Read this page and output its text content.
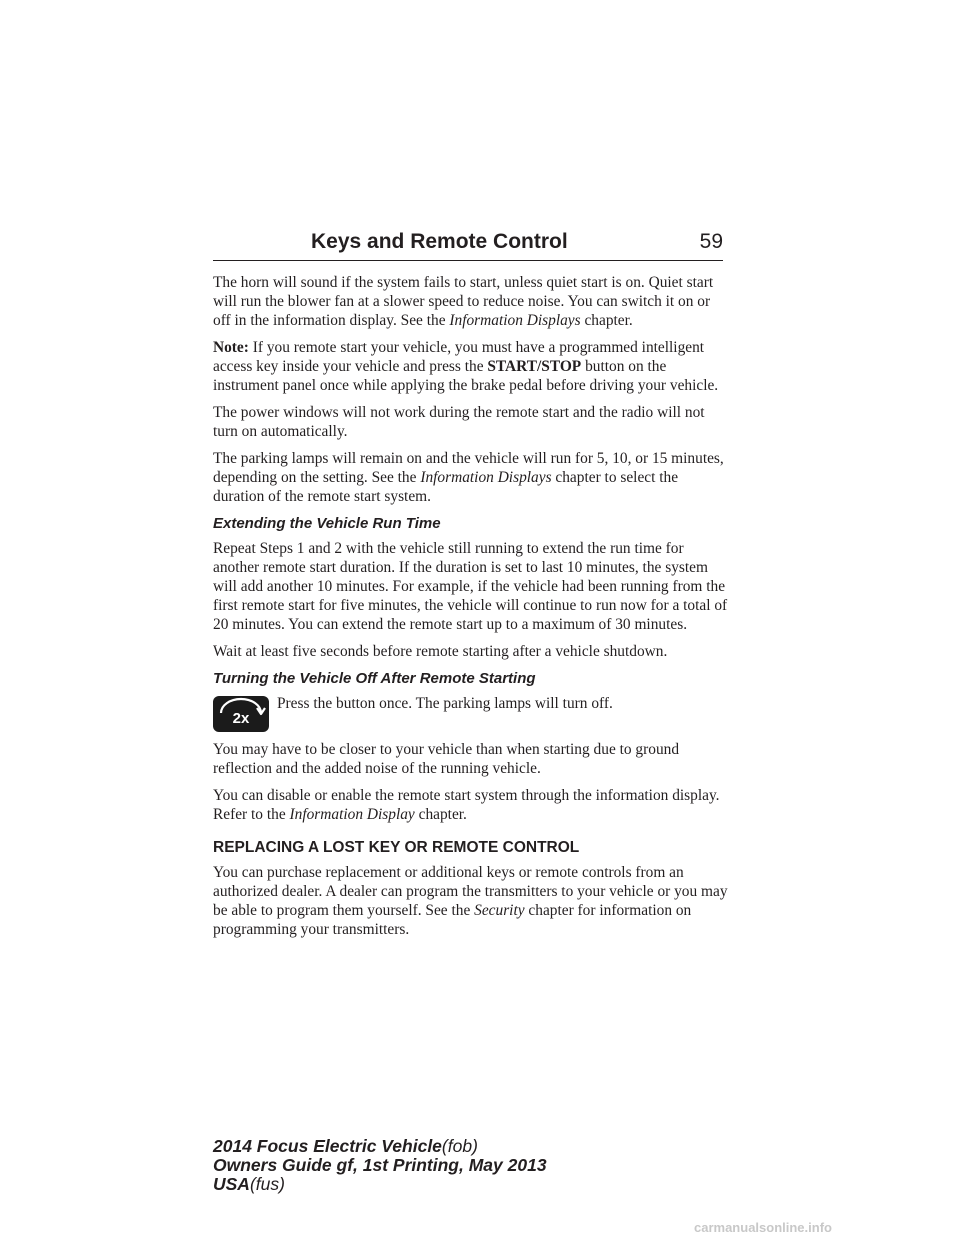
Keys and Remote Control	59

The horn will sound if the system fails to start, unless quiet start is on. Quiet start will run the blower fan at a slower speed to reduce noise. You can switch it on or off in the information display. See the Information Displays chapter.

Note: If you remote start your vehicle, you must have a programmed intelligent access key inside your vehicle and press the START/STOP button on the instrument panel once while applying the brake pedal before driving your vehicle.

The power windows will not work during the remote start and the radio will not turn on automatically.

The parking lamps will remain on and the vehicle will run for 5, 10, or 15 minutes, depending on the setting. See the Information Displays chapter to select the duration of the remote start system.

Extending the Vehicle Run Time

Repeat Steps 1 and 2 with the vehicle still running to extend the run time for another remote start duration. If the duration is set to last 10 minutes, the system will add another 10 minutes. For example, if the vehicle had been running from the first remote start for five minutes, the vehicle will continue to run now for a total of 20 minutes. You can extend the remote start up to a maximum of 30 minutes.

Wait at least five seconds before remote starting after a vehicle shutdown.

Turning the Vehicle Off After Remote Starting
2x
Press the button once. The parking lamps will turn off.

You may have to be closer to your vehicle than when starting due to ground reflection and the added noise of the running vehicle.

You can disable or enable the remote start system through the information display. Refer to the Information Display chapter.

REPLACING A LOST KEY OR REMOTE CONTROL

You can purchase replacement or additional keys or remote controls from an authorized dealer. A dealer can program the transmitters to your vehicle or you may be able to program them yourself. See the Security chapter for information on programming your transmitters.

2014 Focus Electric Vehicle(fob)
Owners Guide gf, 1st Printing, May 2013
USA(fus)
carmanualsonline.info
